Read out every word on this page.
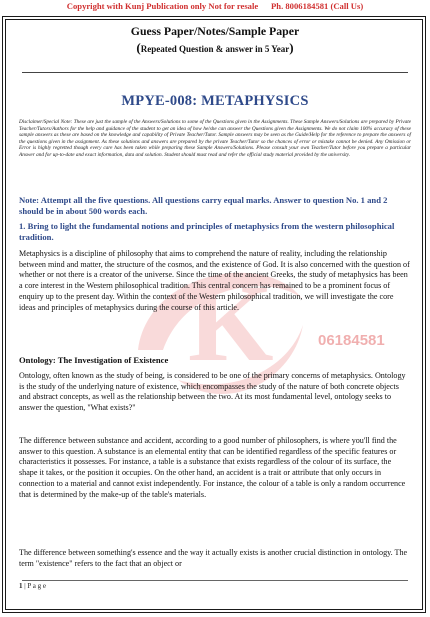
Copyright with Kunj Publication only Not for resale      Ph. 8006184581 (Call Us)
Guess Paper/Notes/Sample Paper
(Repeated Question & answer in 5 Year)
K	06184581
MPYE-008: METAPHYSICS
Disclaimer/Special Note: These are just the sample of the Answers/Solutions to some of the Questions given in the Assignments. These Sample Answers/Solutions are prepared by Private Teacher/Tutors/Authors for the help and guidance of the student to get an idea of how he/she can answer the Questions given the Assignments. We do not claim 100% accuracy of these sample answers as these are based on the knowledge and capability of Private Teacher/Tutor. Sample answers may be seen as the Guide/Help for the reference to prepare the answers of the questions given in the assignment. As these solutions and answers are prepared by the private Teacher/Tutor so the chances of error or mistake cannot be denied. Any Omission or Error is highly regretted though every care has been taken while preparing these Sample Answers/Solutions. Please consult your own Teacher/Tutor before you prepare a particular Answer and for up-to-date and exact information, data and solution. Student should must read and refer the official study material provided by the university.
Note: Attempt all the five questions. All questions carry equal marks. Answer to question No. 1 and 2 should be in about 500 words each.
1. Bring to light the fundamental notions and principles of metaphysics from the western philosophical tradition.
Metaphysics is a discipline of philosophy that aims to comprehend the nature of reality, including the relationship between mind and matter, the structure of the cosmos, and the existence of God. It is also concerned with the question of whether or not there is a creator of the universe. Since the time of the ancient Greeks, the study of metaphysics has been a core interest in the Western philosophical tradition. This central concern has remained to be a prominent focus of enquiry up to the present day. Within the context of the Western philosophical tradition, we will investigate the core ideas and principles of metaphysics during the course of this article.
Ontology: The Investigation of Existence
Ontology, often known as the study of being, is considered to be one of the primary concerns of metaphysics. Ontology is the study of the underlying nature of existence, which encompasses the study of the nature of both concrete objects and abstract concepts, as well as the relationship between the two. At its most fundamental level, ontology seeks to answer the question, "What exists?"
The difference between substance and accident, according to a good number of philosophers, is where you'll find the answer to this question. A substance is an elemental entity that can be identified regardless of the specific features or characteristics it possesses. For instance, a table is a substance that exists regardless of the colour of its surface, the shape it takes, or the position it occupies. On the other hand, an accident is a trait or attribute that only occurs in connection to a material and cannot exist independently. For instance, the colour of a table is only a random occurrence that is determined by the make-up of the table's materials.
The difference between something's essence and the way it actually exists is another crucial distinction in ontology. The term "existence" refers to the fact that an object or
1 | P a g e
